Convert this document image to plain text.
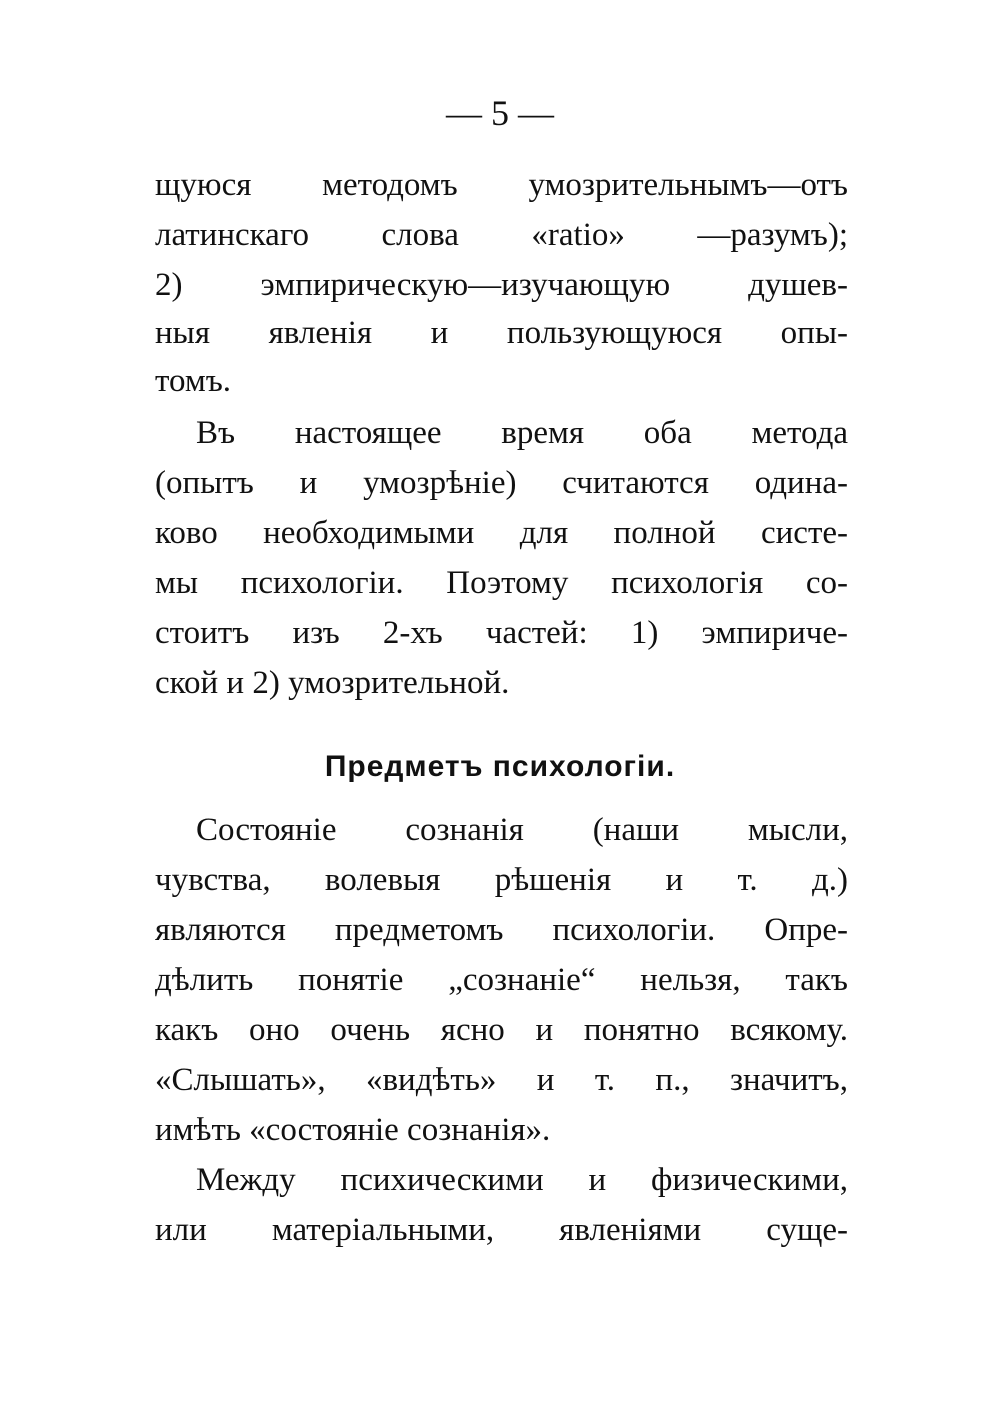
— 5 —
щуюся методомъ умозрительнымъ—отъ
латинскаго слова «ratio» —разумъ);
2) эмпирическую—изучающую душев-
ныя явленія и пользующуюся опы-
томъ.
Въ настоящее время оба метода
(опытъ и умозрѣніе) считаются одина-
ково необходимыми для полной систе-
мы психологіи. Поэтому психологія со-
стоитъ изъ 2-хъ частей: 1) эмпириче-
ской и 2) умозрительной.
Предметъ психологіи.
Состояніе сознанія (наши мысли,
чувства, волевыя рѣшенія и т. д.)
являются предметомъ психологіи. Опре-
дѣлить понятіе „сознаніе“ нельзя, такъ
какъ оно очень ясно и понятно всякому.
«Слышать», «видѣть» и т. п., значитъ,
имѣть «состояніе сознанія».
Между психическими и физическими,
или матеріальными, явленіями суще-
